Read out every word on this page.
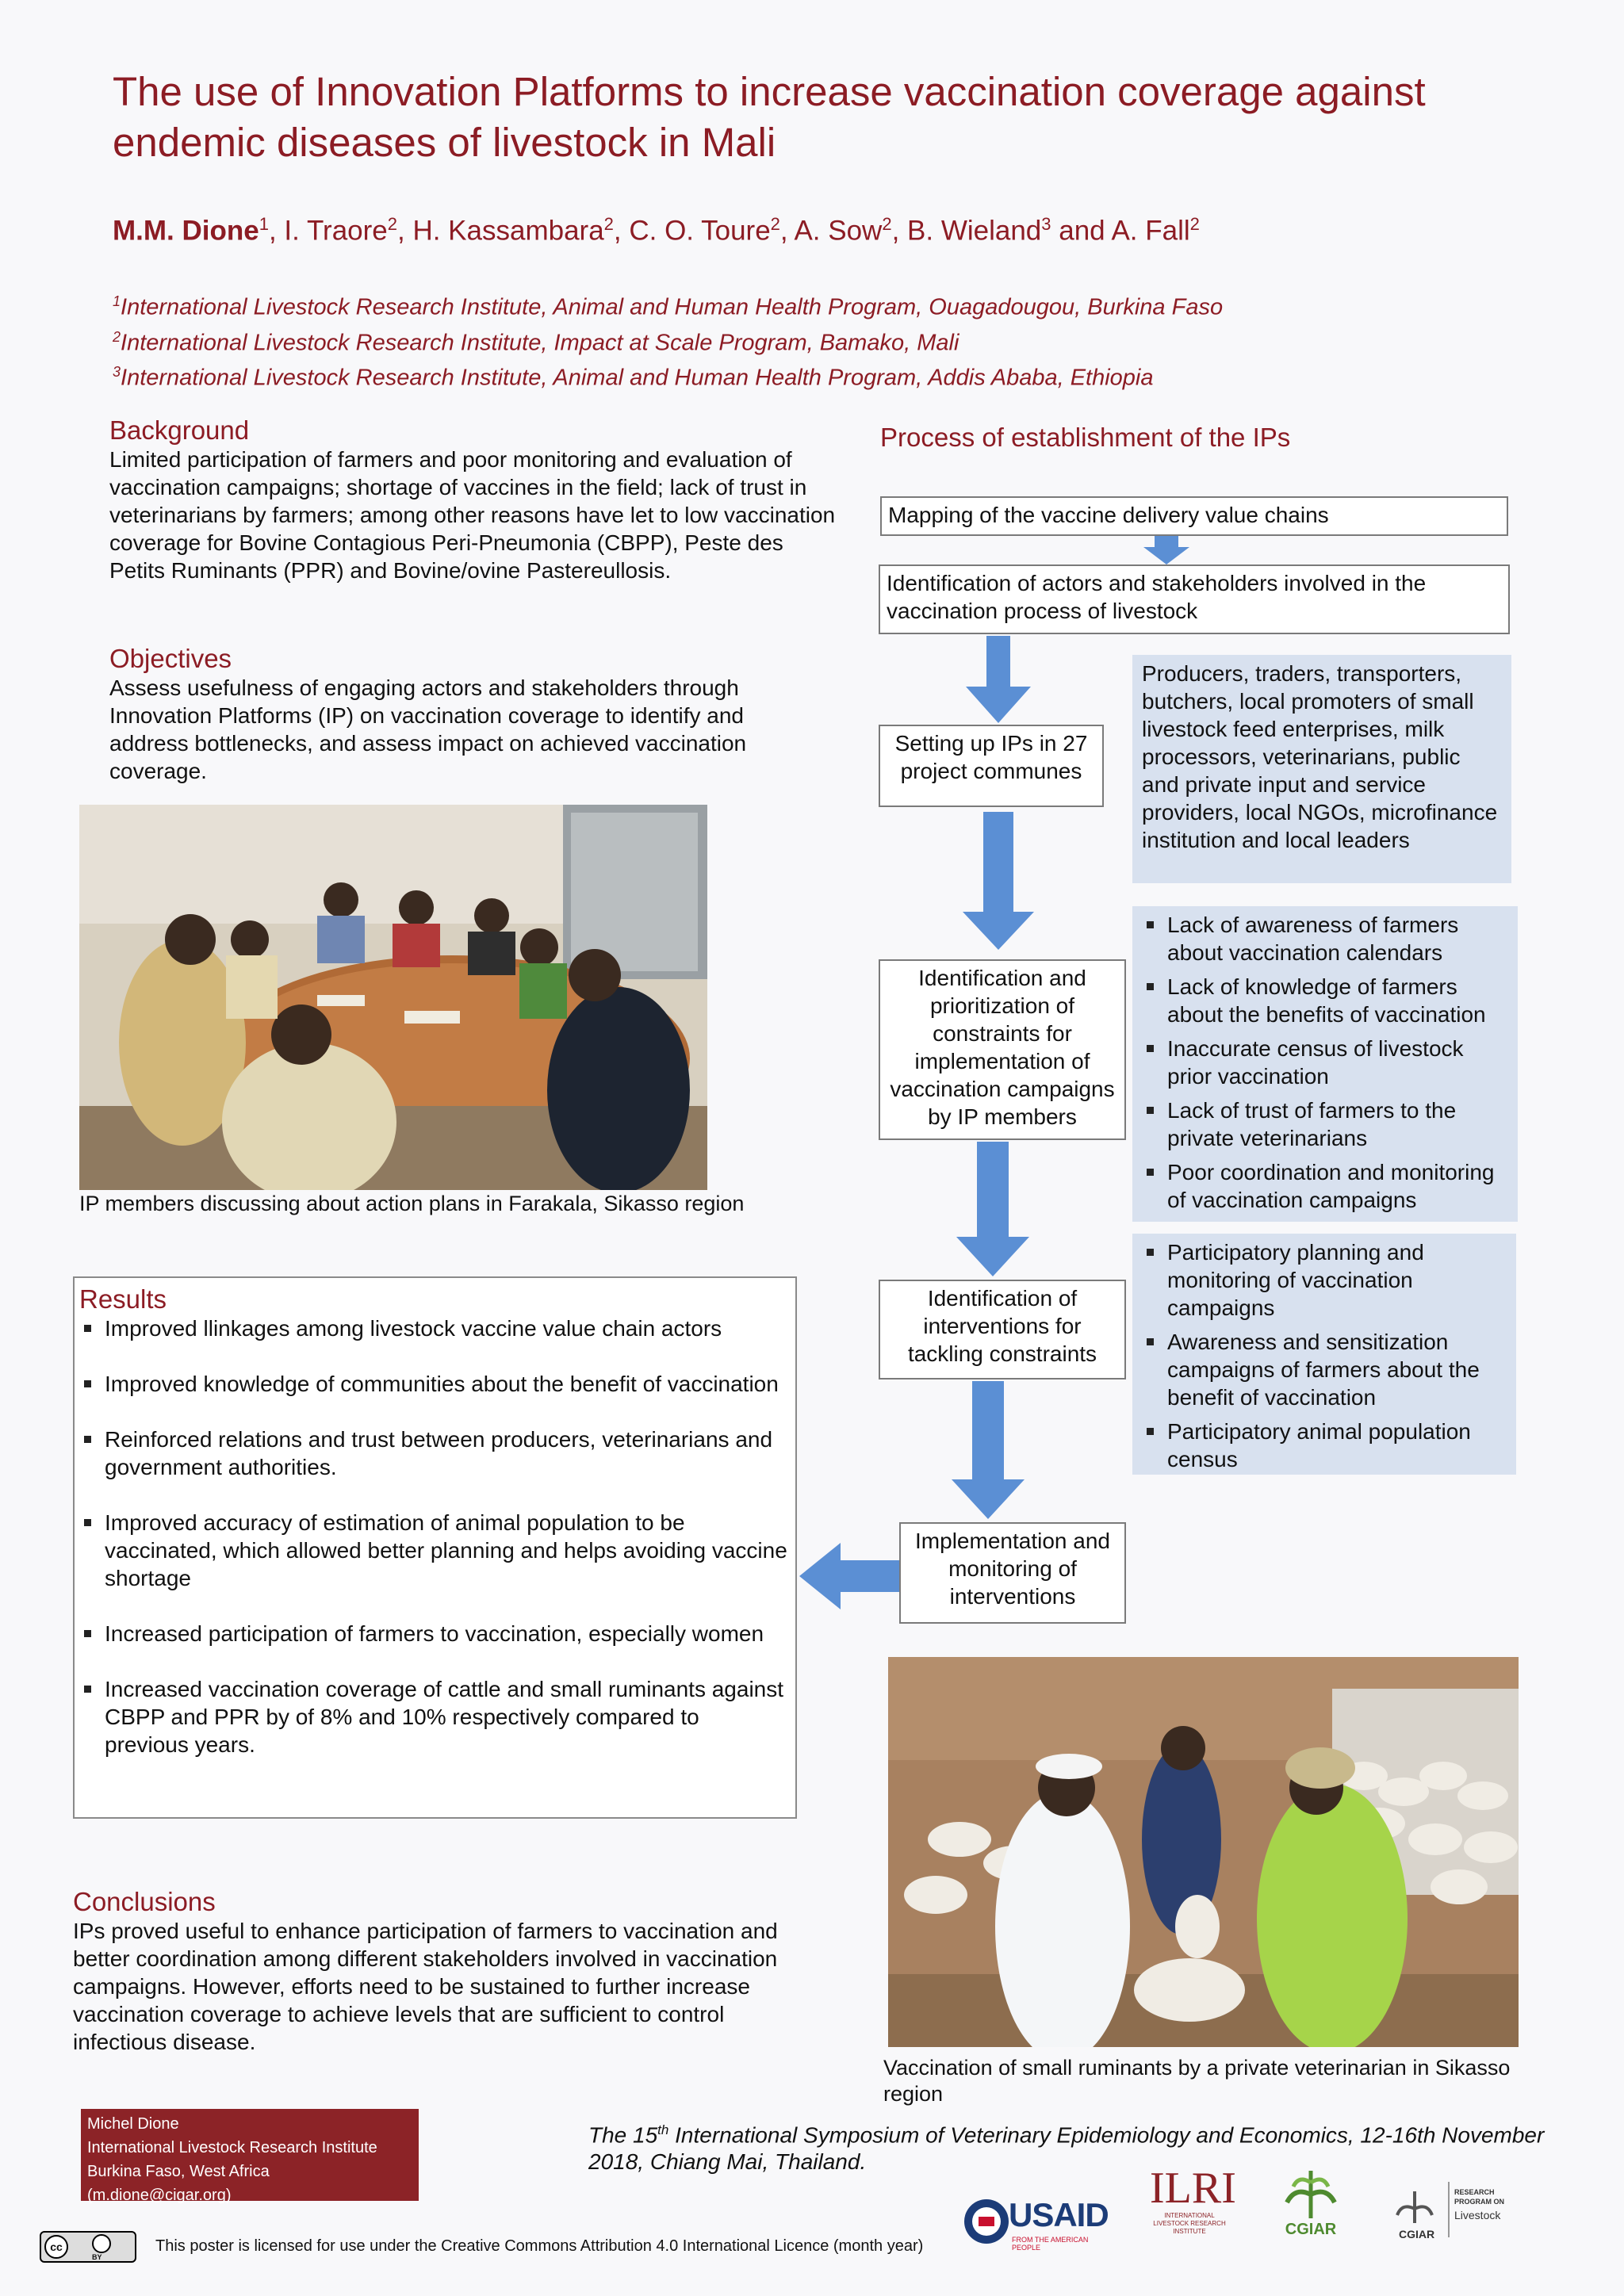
The use of Innovation Platforms to increase vaccination coverage against endemic diseases of livestock in Mali
M.M. Dione$^1$, I. Traore$^2$, H. Kassambara$^2$, C. O. Toure$^2$, A. Sow$^2$, B. Wieland$^3$ and A. Fall$^2$
$^1$International Livestock Research Institute, Animal and Human Health Program, Ouagadougou, Burkina Faso
$^2$International Livestock Research Institute, Impact at Scale Program, Bamako, Mali
$^3$International Livestock Research Institute, Animal and Human Health Program, Addis Ababa, Ethiopia
Background
Limited participation of farmers and poor monitoring and evaluation of vaccination campaigns; shortage of vaccines in the field; lack of trust in veterinarians by farmers; among other reasons have let to low vaccination coverage for Bovine Contagious Peri-Pneumonia (CBPP), Peste des Petits Ruminants (PPR) and Bovine/ovine Pastereullosis.
Objectives
Assess usefulness of engaging actors and stakeholders through Innovation Platforms (IP) on vaccination coverage to identify and address bottlenecks, and assess impact on achieved vaccination coverage.
IP members discussing about action plans in Farakala, Sikasso region
Results
Improved llinkages among livestock vaccine value chain actors
Improved knowledge of communities about the benefit of vaccination
Reinforced relations and trust between producers, veterinarians and government authorities.
Improved accuracy of estimation of animal population to be vaccinated, which allowed better planning and helps avoiding vaccine shortage
Increased participation of farmers to vaccination, especially women
Increased vaccination coverage of cattle and small ruminants against CBPP and PPR by of 8% and 10% respectively compared to previous years.
Conclusions
IPs proved useful to enhance participation of farmers to vaccination and better coordination among different stakeholders involved in vaccination campaigns. However, efforts need to be sustained to further increase vaccination coverage to achieve levels that are sufficient to control infectious disease.
Process of establishment of the IPs
Mapping of the vaccine delivery value chains
Identification of actors and stakeholders involved in the vaccination process of livestock
Setting up IPs in 27 project communes
Identification and prioritization of constraints for implementation of vaccination campaigns by IP members
Identification of interventions for tackling constraints
Implementation and monitoring of interventions
Producers, traders, transporters, butchers, local promoters of small livestock feed enterprises, milk processors, veterinarians, public and private input and service providers, local NGOs, microfinance institution and local leaders
Lack of awareness of farmers about vaccination calendars
Lack of knowledge of farmers about the benefits of vaccination
Inaccurate census of livestock prior vaccination
Lack of trust of farmers to the private veterinarians
Poor coordination and monitoring of vaccination campaigns
Participatory planning and monitoring of vaccination campaigns
Awareness and sensitization campaigns of farmers about the benefit of vaccination
Participatory animal population census
Vaccination of small ruminants by a private veterinarian in Sikasso region
Michel Dione
International Livestock Research Institute
Burkina Faso, West Africa
(m.dione@cigar.org)
The 15th International Symposium of Veterinary Epidemiology and Economics, 12-16th November 2018, Chiang Mai, Thailand.
USAID
FROM THE AMERICAN PEOPLE
ILRI
INTERNATIONAL
LIVESTOCK RESEARCH
INSTITUTE	CGIAR	CGIAR
RESEARCH
PROGRAM ON
Livestock
cc
BY
This poster is licensed for use under the Creative Commons Attribution 4.0 International Licence (month year)
